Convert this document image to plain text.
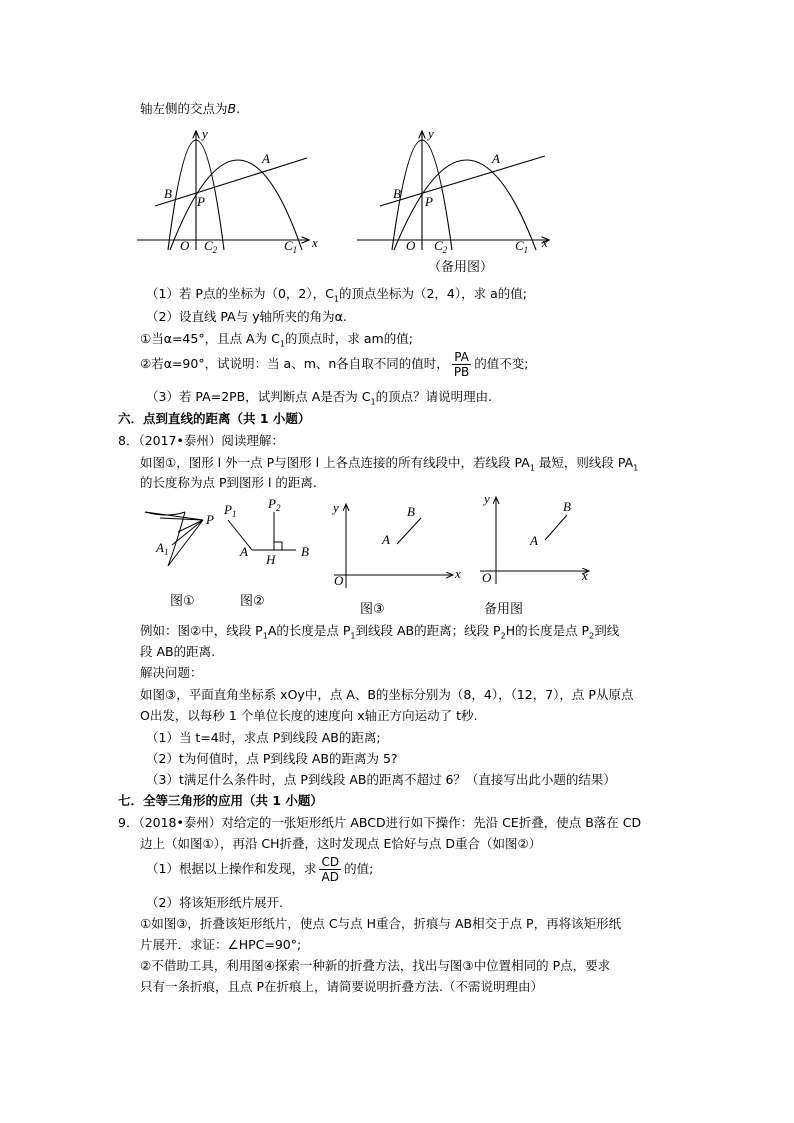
轴左侧的交点为B.
y
x
O
B
P
A
$C_2$	$C_1$
y
x
O
B
P
A
$C_2$	$C_1$
（备用图）
（1）若 P点的坐标为（0，2），$C_1$的顶点坐标为（2，4），求 a的值;
（2）设直线 PA与 y轴所夹的角为α.
①当α=45°，且点 A为 $C_1$的顶点时，求 am的值;
②若α=90°，试说明：当 a、m、n各自取不同的值时， $\frac{PA}{PB}$ 的值不变;
（3）若 PA=2PB，试判断点 A是否为 $C_1$的顶点？请说明理由.
六．点到直线的距离（共 1 小题）
8．（2017•泰州）阅读理解：
如图①，图形 l 外一点 P与图形 l 上各点连接的所有线段中，若线段 $PA_1$ 最短，则线段 $PA_1$
的长度称为点 P到图形 l 的距离.
P
$A_1$
$P_1$
$P_2$
A
H
B
y
x
O
A
B
y
x
O
A
B
图①	图②
图③	备用图
例如：图②中，线段 $P_1A$的长度是点 $P_1$到线段 AB的距离；线段 $P_2H$的长度是点 $P_2$到线
段 AB的距离.
解决问题：
如图③，平面直角坐标系 xOy中，点 A、B的坐标分别为（8，4），（12，7），点 P从原点
O出发，以每秒 1 个单位长度的速度向 x轴正方向运动了 t秒.
（1）当 t=4时，求点 P到线段 AB的距离;
（2）t为何值时，点 P到线段 AB的距离为 5?
（3）t满足什么条件时，点 P到线段 AB的距离不超过 6？（直接写出此小题的结果）
七．全等三角形的应用（共 1 小题）
9．（2018•泰州）对给定的一张矩形纸片 ABCD进行如下操作：先沿 CE折叠，使点 B落在 CD
边上（如图①），再沿 CH折叠，这时发现点 E恰好与点 D重合（如图②）
（1）根据以上操作和发现，求 $\frac{CD}{AD}$ 的值;
（2）将该矩形纸片展开.
①如图③，折叠该矩形纸片，使点 C与点 H重合，折痕与 AB相交于点 P，再将该矩形纸
片展开．求证：∠HPC=90°;
②不借助工具，利用图④探索一种新的折叠方法，找出与图③中位置相同的 P点，要求
只有一条折痕，且点 P在折痕上，请简要说明折叠方法.（不需说明理由）
